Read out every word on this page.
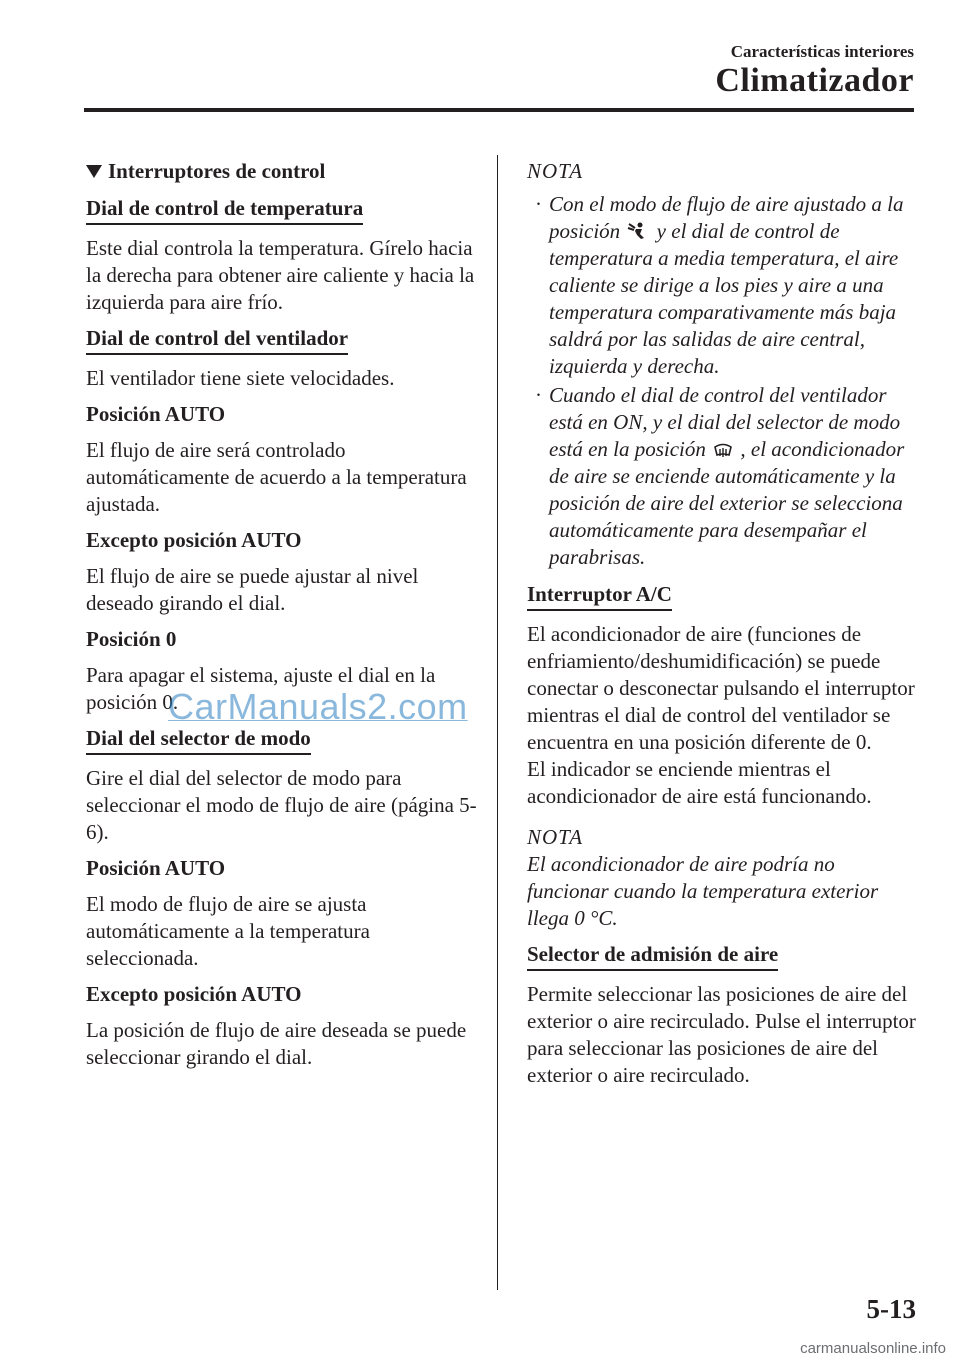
Características interiores
Climatizador
Interruptores de control
Dial de control de temperatura

Este dial controla la temperatura. Gírelo hacia la derecha para obtener aire caliente y hacia la izquierda para aire frío.

Dial de control del ventilador

El ventilador tiene siete velocidades.

Posición AUTO

El flujo de aire será controlado automáticamente de acuerdo a la temperatura ajustada.

Excepto posición AUTO

El flujo de aire se puede ajustar al nivel deseado girando el dial.

Posición 0

Para apagar el sistema, ajuste el dial en la posición 0.

Dial del selector de modo

Gire el dial del selector de modo para seleccionar el modo de flujo de aire (página 5-6).

Posición AUTO

El modo de flujo de aire se ajusta automáticamente a la temperatura seleccionada.

Excepto posición AUTO

La posición de flujo de aire deseada se puede seleccionar girando el dial.

NOTA

· Con el modo de flujo de aire ajustado a la posición y el dial de control de temperatura a media temperatura, el aire caliente se dirige a los pies y aire a una temperatura comparativamente más baja saldrá por las salidas de aire central, izquierda y derecha.
· Cuando el dial de control del ventilador está en ON, y el dial del selector de modo está en la posición , el acondicionador de aire se enciende automáticamente y la posición de aire del exterior se selecciona automáticamente para desempañar el parabrisas.
Interruptor A/C

El acondicionador de aire (funciones de enfriamiento/deshumidificación) se puede conectar o desconectar pulsando el interruptor mientras el dial de control del ventilador se encuentra en una posición diferente de 0.

El indicador se enciende mientras el acondicionador de aire está funcionando.

NOTA

El acondicionador de aire podría no funcionar cuando la temperatura exterior llega 0 °C.

Selector de admisión de aire

Permite seleccionar las posiciones de aire del exterior o aire recirculado. Pulse el interruptor para seleccionar las posiciones de aire del exterior o aire recirculado.

CarManuals2.com
5-13
carmanualsonline.info
